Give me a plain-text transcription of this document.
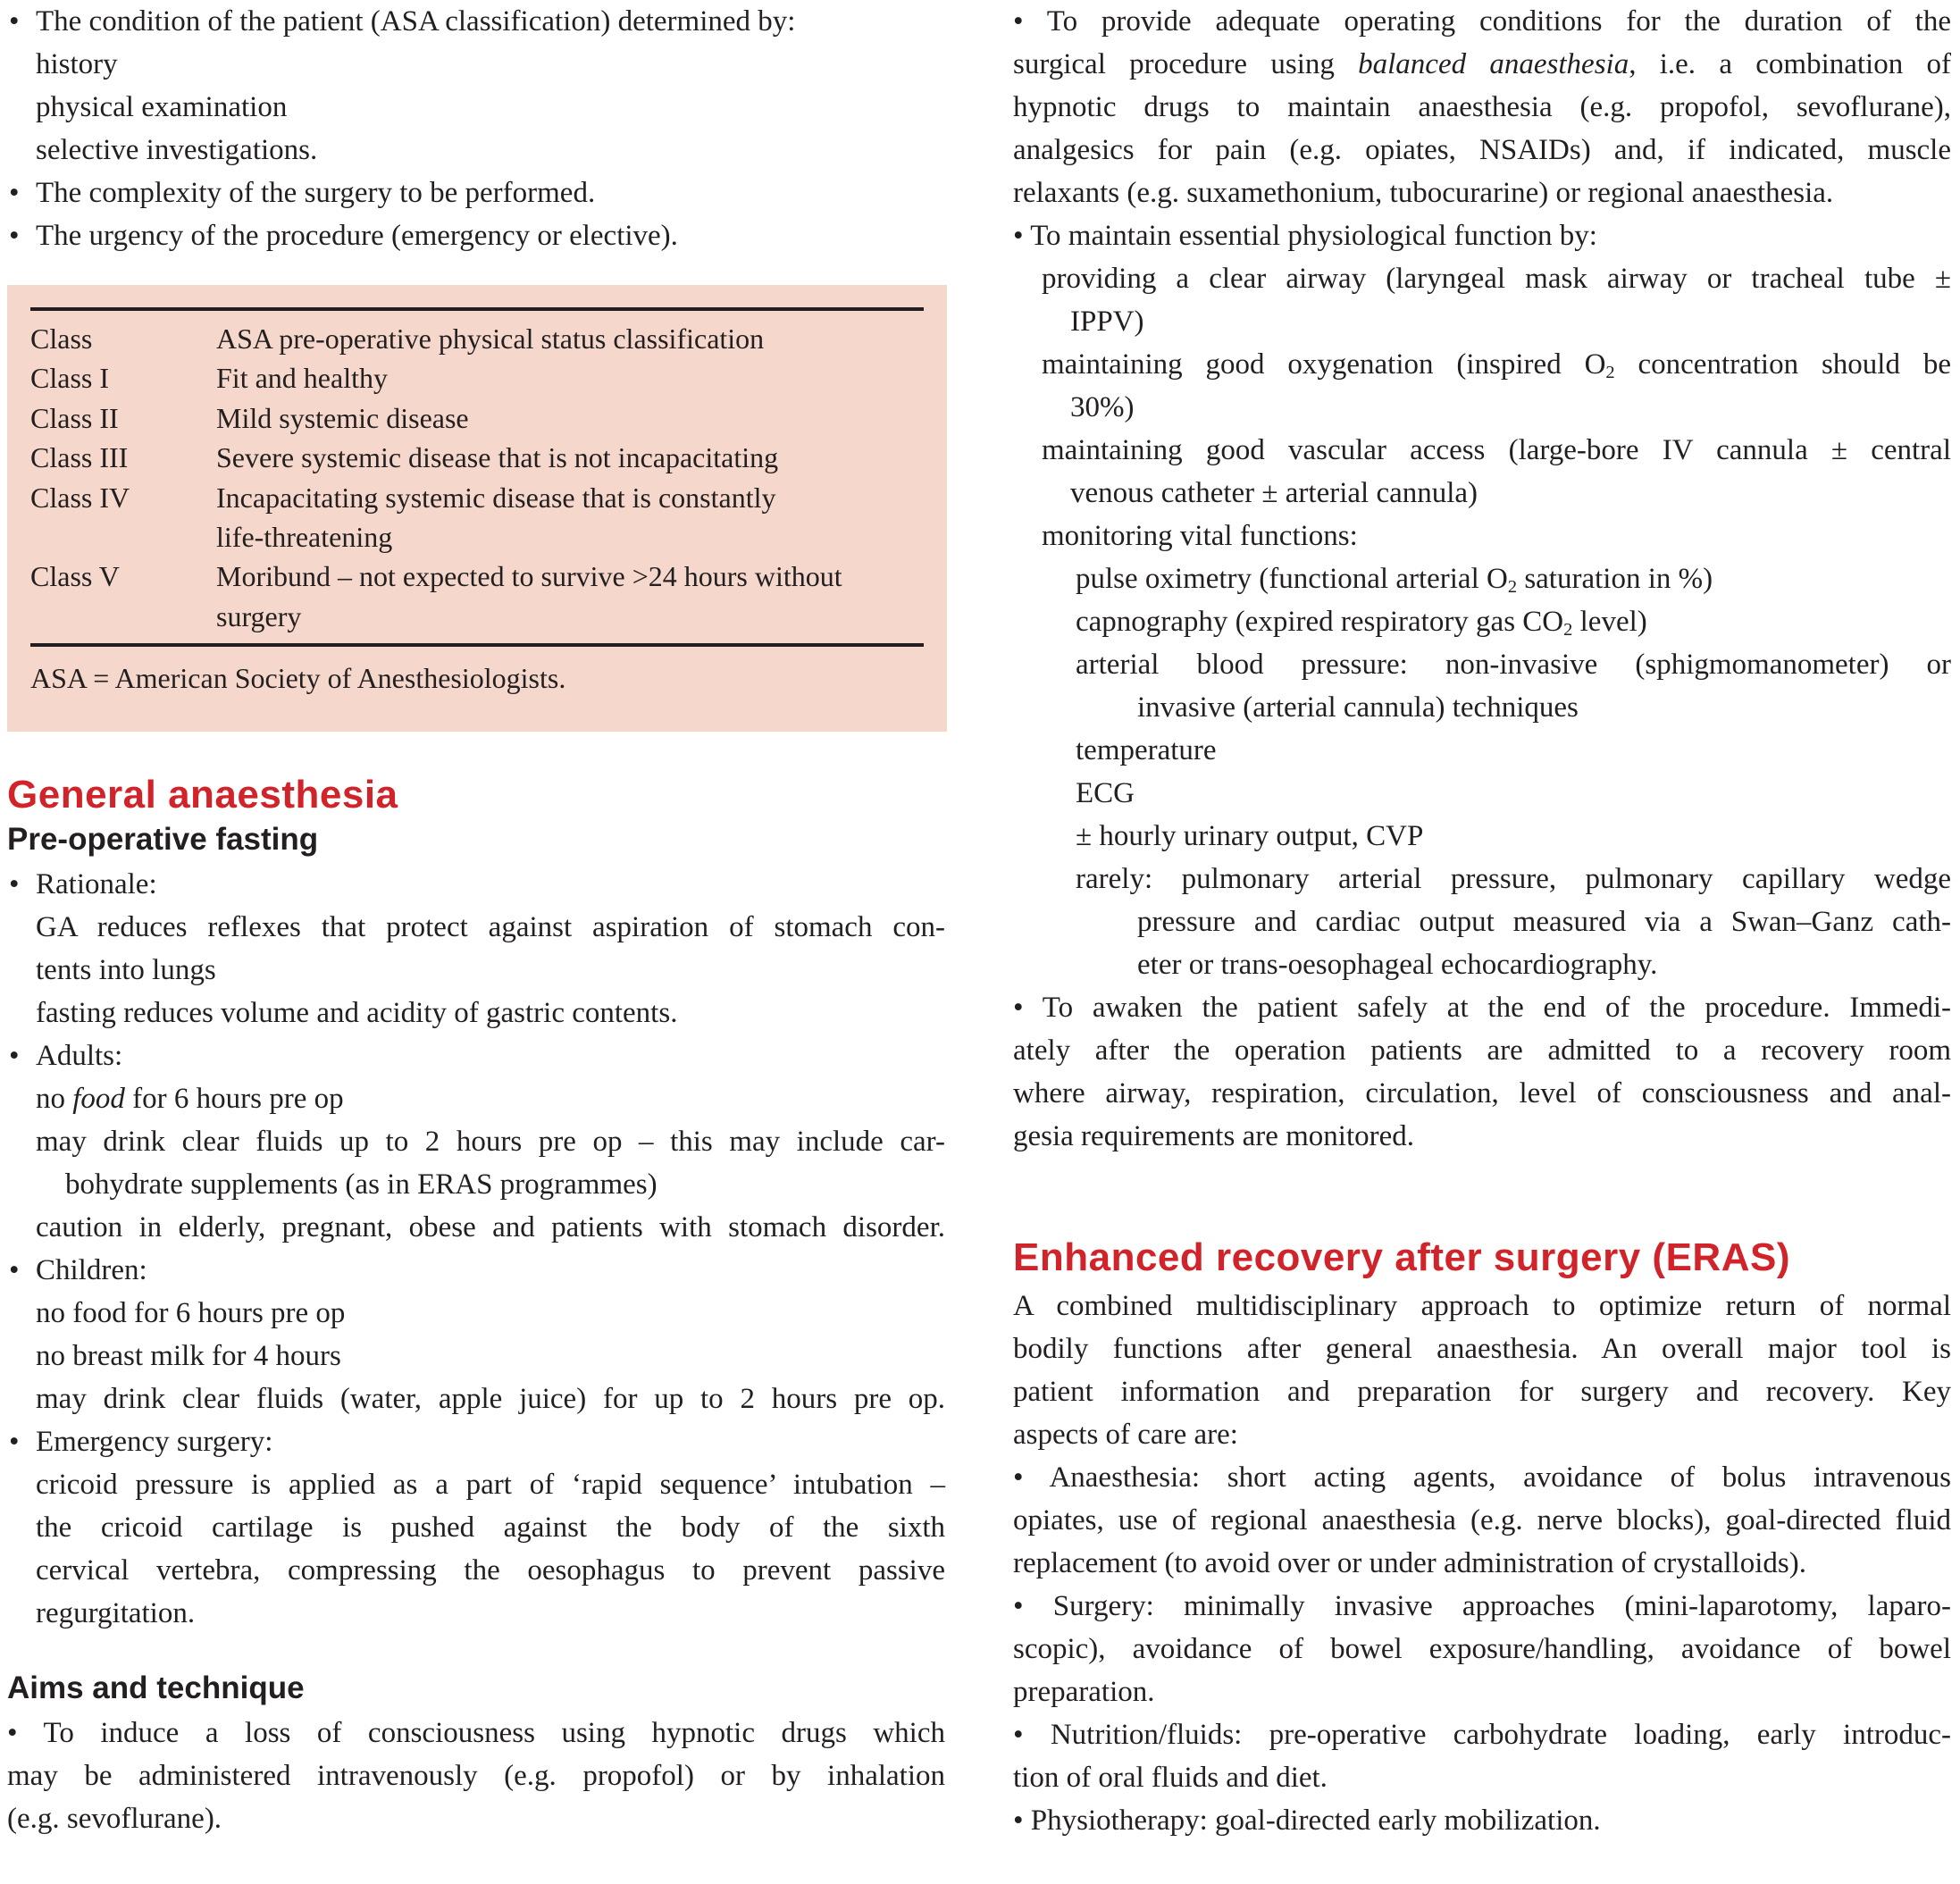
• The condition of the patient (ASA classification) determined by:
history
physical examination
selective investigations.
• The complexity of the surgery to be performed.
• The urgency of the procedure (emergency or elective).
Class	ASA pre-operative physical status classification
Class I	Fit and healthy
Class II	Mild systemic disease
Class III	Severe systemic disease that is not incapacitating
Class IV	Incapacitating systemic disease that is constantly
life-threatening
Class V	Moribund – not expected to survive >24 hours without
surgery
ASA = American Society of Anesthesiologists.
General anaesthesia
Pre-operative fasting
• Rationale:
GA reduces reflexes that protect against aspiration of stomach con-
tents into lungs
fasting reduces volume and acidity of gastric contents.
• Adults:
no food for 6 hours pre op
may drink clear fluids up to 2 hours pre op – this may include car-
bohydrate supplements (as in ERAS programmes)
caution in elderly, pregnant, obese and patients with stomach disorder.
• Children:
no food for 6 hours pre op
no breast milk for 4 hours
may drink clear fluids (water, apple juice) for up to 2 hours pre op.
• Emergency surgery:
cricoid pressure is applied as a part of ‘rapid sequence’ intubation –
the cricoid cartilage is pushed against the body of the sixth
cervical vertebra, compressing the oesophagus to prevent passive
regurgitation.
Aims and technique
• To induce a loss of consciousness using hypnotic drugs which
may be administered intravenously (e.g. propofol) or by inhalation
(e.g. sevoflurane).
• To provide adequate operating conditions for the duration of the
surgical procedure using balanced anaesthesia, i.e. a combination of
hypnotic drugs to maintain anaesthesia (e.g. propofol, sevoflurane),
analgesics for pain (e.g. opiates, NSAIDs) and, if indicated, muscle
relaxants (e.g. suxamethonium, tubocurarine) or regional anaesthesia.
• To maintain essential physiological function by:
providing a clear airway (laryngeal mask airway or tracheal tube ±
IPPV)
maintaining good oxygenation (inspired $O_2$ concentration should be
30%)
maintaining good vascular access (large-bore IV cannula ± central
venous catheter ± arterial cannula)
monitoring vital functions:
pulse oximetry (functional arterial $O_2$ saturation in %)
capnography (expired respiratory gas $CO_2$ level)
arterial blood pressure: non-invasive (sphigmomanometer) or
invasive (arterial cannula) techniques
temperature
ECG
± hourly urinary output, CVP
rarely: pulmonary arterial pressure, pulmonary capillary wedge
pressure and cardiac output measured via a Swan–Ganz cath-
eter or trans-oesophageal echocardiography.
• To awaken the patient safely at the end of the procedure. Immedi-
ately after the operation patients are admitted to a recovery room
where airway, respiration, circulation, level of consciousness and anal-
gesia requirements are monitored.
Enhanced recovery after surgery (ERAS)
A combined multidisciplinary approach to optimize return of normal
bodily functions after general anaesthesia. An overall major tool is
patient information and preparation for surgery and recovery. Key
aspects of care are:
• Anaesthesia: short acting agents, avoidance of bolus intravenous
opiates, use of regional anaesthesia (e.g. nerve blocks), goal-directed fluid
replacement (to avoid over or under administration of crystalloids).
• Surgery: minimally invasive approaches (mini-laparotomy, laparo-
scopic), avoidance of bowel exposure/handling, avoidance of bowel
preparation.
• Nutrition/fluids: pre-operative carbohydrate loading, early introduc-
tion of oral fluids and diet.
• Physiotherapy: goal-directed early mobilization.
